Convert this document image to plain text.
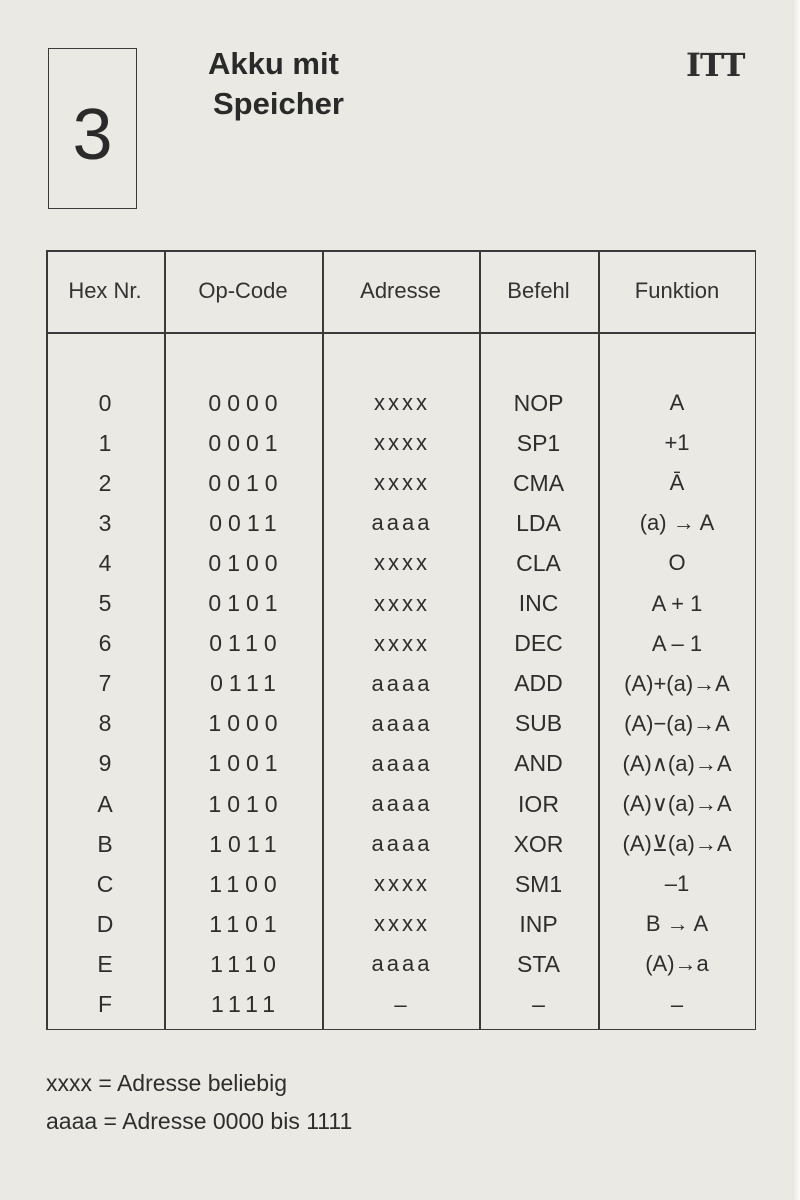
3
Akku mit
Speicher
ITT
Hex Nr.	Op-Code	Adresse	Befehl	Funktion
0	0000	xxxx	NOP	A
1	0001	xxxx	SP1	+1
2	0010	xxxx	CMA	Ā
3	0011	aaaa	LDA	(a) → A
4	0100	xxxx	CLA	O
5	0101	xxxx	INC	A + 1
6	0110	xxxx	DEC	A – 1
7	0111	aaaa	ADD	(A)+(a)→A
8	1000	aaaa	SUB	(A)−(a)→A
9	1001	aaaa	AND	(A)∧(a)→A
A	1010	aaaa	IOR	(A)∨(a)→A
B	1011	aaaa	XOR	(A)⊻(a)→A
C	1100	xxxx	SM1	–1
D	1101	xxxx	INP	B → A
E	1110	aaaa	STA	(A)→a
F	1111	–	–	–
xxxx = Adresse beliebig
aaaa = Adresse 0000 bis 1111
